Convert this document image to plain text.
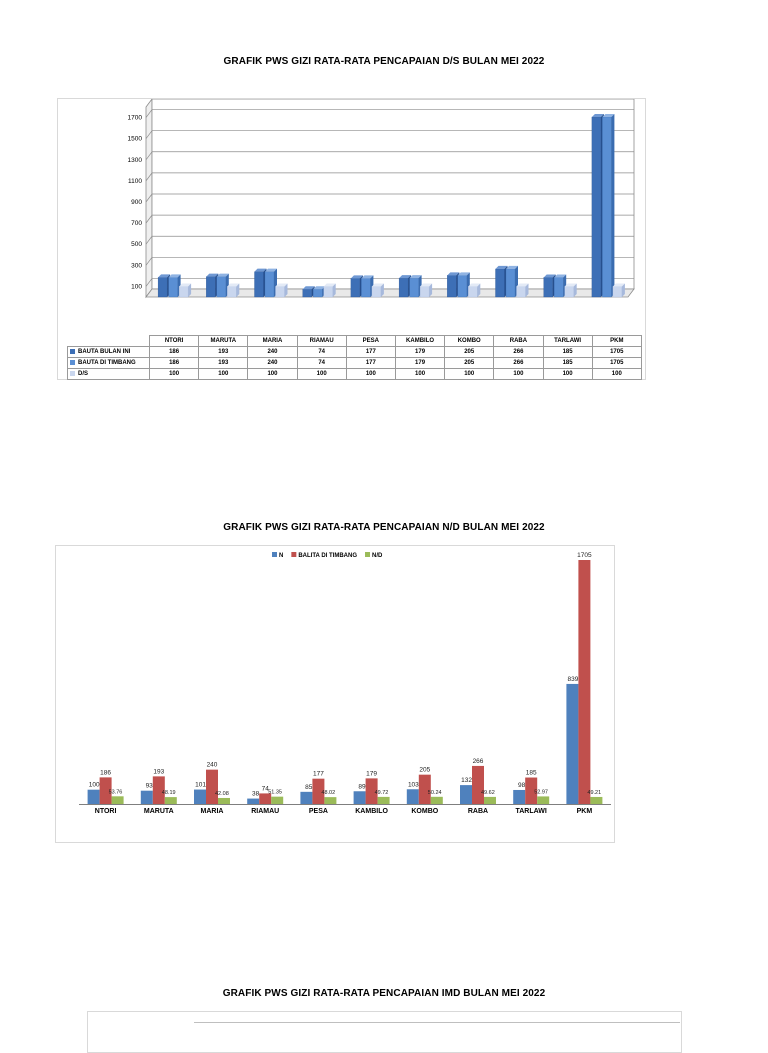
GRAFIK PWS GIZI RATA-RATA PENCAPAIAN D/S BULAN MEI 2022
100
300
500
700
900
1100
1300
1500
1700
	NTORI	MARUTA	MARIA	RIAMAU	PESA	KAMBILO	KOMBO	RABA	TARLAWI	PKM
BAUTA BULAN INI	186	193	240	74	177	179	205	266	185	1705
BAUTA DI TIMBANG	186	193	240	74	177	179	205	266	185	1705
D/S	100	100	100	100	100	100	100	100	100	100
GRAFIK PWS GIZI RATA-RATA PENCAPAIAN N/D BULAN MEI 2022
N	BALITA DI TIMBANG	N/D
NTORI
100
186
53.76
MARUTA
93
193
48.19
MARIA
101
240
42.08
RIAMAU
38
74
51.35
PESA
85
177
48.02
KAMBILO
89
179
49.72
KOMBO
103
205
50.24
RABA
132
266
49.62
TARLAWI
98
185
52.97
PKM
839
1705
49.21
GRAFIK PWS GIZI RATA-RATA PENCAPAIAN IMD BULAN MEI 2022
